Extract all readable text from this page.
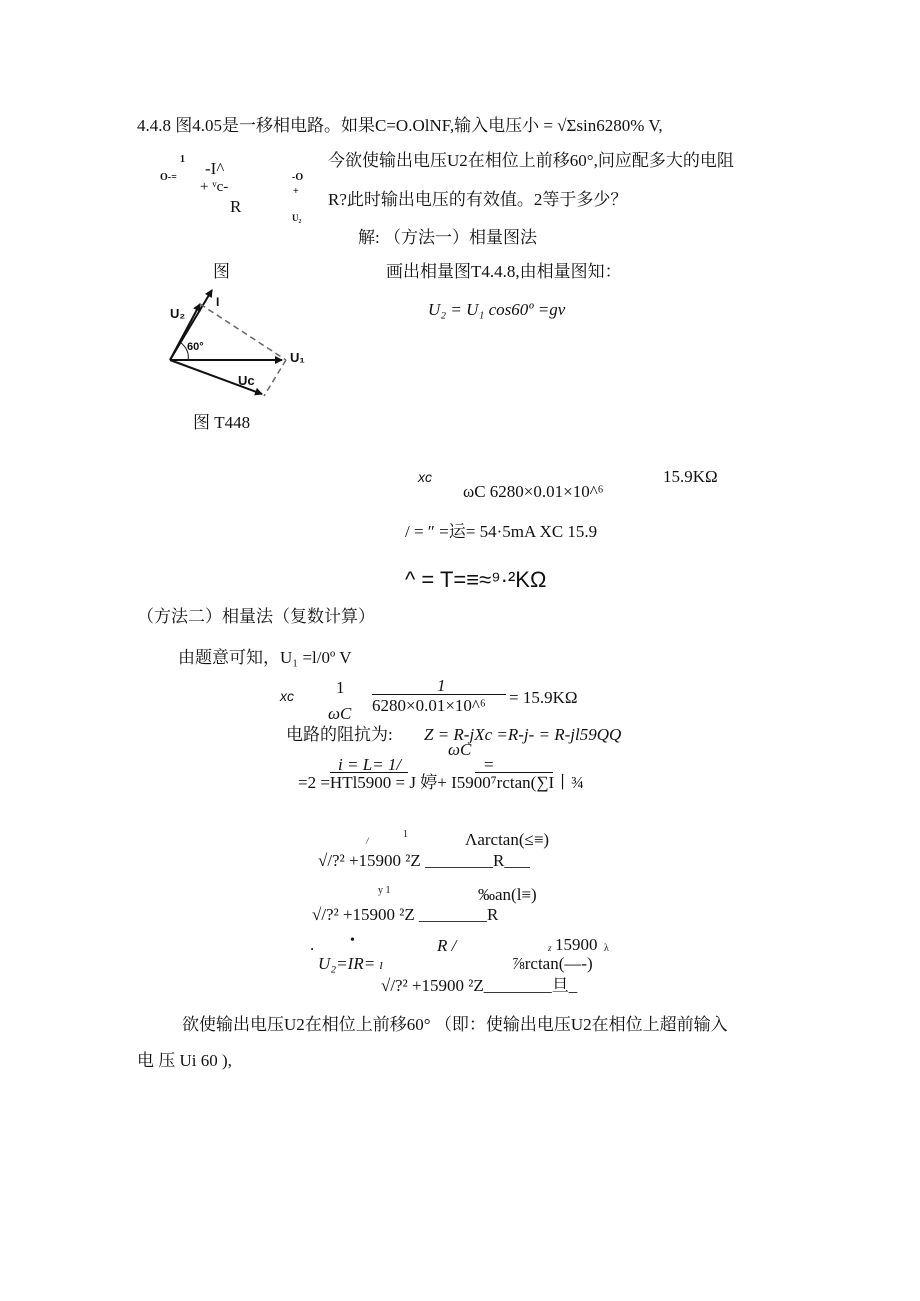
4.4.8 图4.05是一移相电路。如果C=O.OlNF,输入电压小 = √Σsin6280% V,
今欲使输出电压U2在相位上前移60°,问应配多大的电阻
R?此时输出电压的有效值。2等于多少？
1 -I^
O-=
+ ᵛc-
R
-O
+
U₂
解: （方法一）相量图法
图	画出相量图T4.4.8,由相量图知：
U₂ = U₁ cos60º =gv
U₂
I
60°
U₁
Uc
图 T448
xc	15.9KΩ
ωC 6280×0.01×10^⁶
/ = ″ =运= 54·5mA XC 15.9
^ = T=≡≈⁹·²KΩ
（方法二）相量法（复数计算）
由题意可知，U₁ =l/0º V
xc 1
ωC
1
6280×0.01×10^⁶ = 15.9KΩ
电路的阻抗为: Z = R-jXc =R-j- = R-jl59QQ
ωC
i = L= 1/	=
=2 =HTl5900 = J 婷+ I5900⁷rctan(∑I丨¾
/
1	Λarctan(≤≡)
√/?² +15900 ²Z ________R___
y 1	‰an(l≡)
√/?² +15900 ²Z ________R
.	•	R /	z 15900 λ
U₂=IR= ₗ	⅞rctan(—-)
√/?² +15900 ²Z________旦_
欲使输出电压U2在相位上前移60° （即：使输出电压U2在相位上超前输入
电 压 Ui 60 ),
